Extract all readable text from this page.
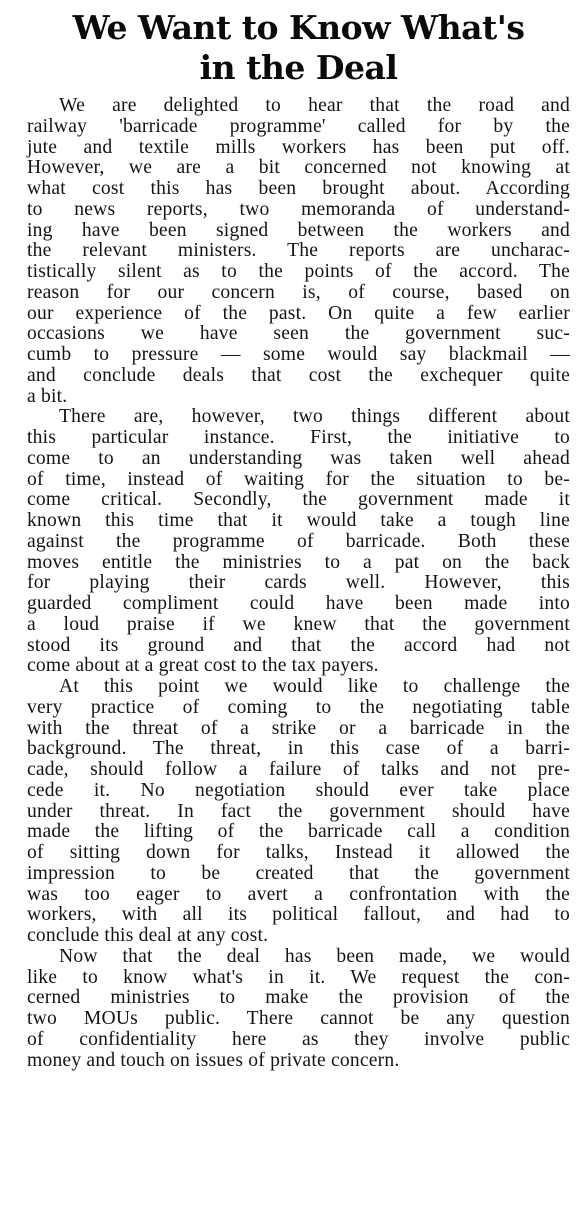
We Want to Know What's
in the Deal

We are delighted to hear that the road and
railway 'barricade programme' called for by the
jute and textile mills workers has been put off.
However, we are a bit concerned not knowing at
what cost this has been brought about. According
to news reports, two memoranda of understand-
ing have been signed between the workers and
the relevant ministers. The reports are uncharac-
tistically silent as to the points of the accord. The
reason for our concern is, of course, based on
our experience of the past. On quite a few earlier
occasions we have seen the government suc-
cumb to pressure — some would say blackmail —
and conclude deals that cost the exchequer quite
a bit.

There are, however, two things different about
this particular instance. First, the initiative to
come to an understanding was taken well ahead
of time, instead of waiting for the situation to be-
come critical. Secondly, the government made it
known this time that it would take a tough line
against the programme of barricade. Both these
moves entitle the ministries to a pat on the back
for playing their cards well. However, this
guarded compliment could have been made into
a loud praise if we knew that the government
stood its ground and that the accord had not
come about at a great cost to the tax payers.

At this point we would like to challenge the
very practice of coming to the negotiating table
with the threat of a strike or a barricade in the
background. The threat, in this case of a barri-
cade, should follow a failure of talks and not pre-
cede it. No negotiation should ever take place
under threat. In fact the government should have
made the lifting of the barricade call a condition
of sitting down for talks, Instead it allowed the
impression to be created that the government
was too eager to avert a confrontation with the
workers, with all its political fallout, and had to
conclude this deal at any cost.

Now that the deal has been made, we would
like to know what's in it. We request the con-
cerned ministries to make the provision of the
two MOUs public. There cannot be any question
of confidentiality here as they involve public
money and touch on issues of private concern.
